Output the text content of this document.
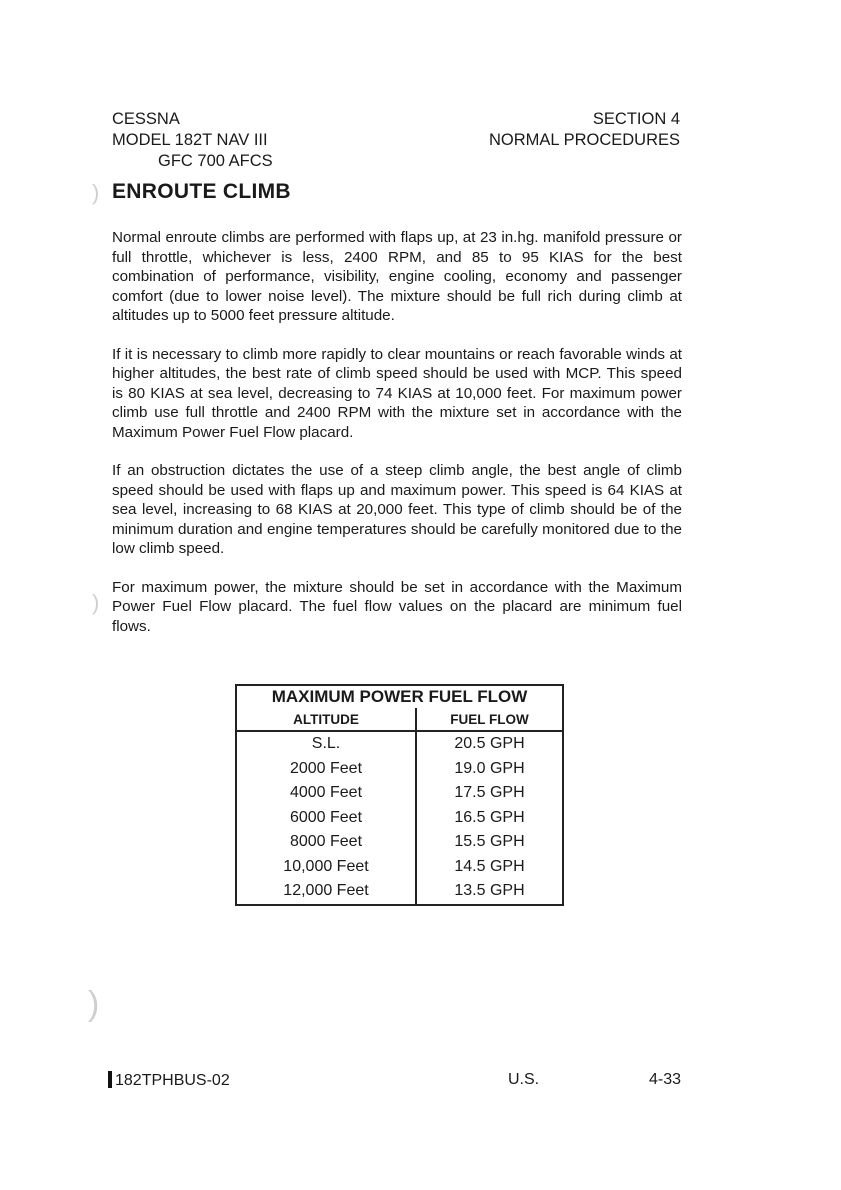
CESSNA
MODEL 182T NAV III
GFC 700 AFCS
SECTION 4
NORMAL PROCEDURES
)
)
)
ENROUTE CLIMB

Normal enroute climbs are performed with flaps up, at 23 in.hg. manifold pressure or full throttle, whichever is less, 2400 RPM, and 85 to 95 KIAS for the best combination of performance, visibility, engine cooling, economy and passenger comfort (due to lower noise level). The mixture should be full rich during climb at altitudes up to 5000 feet pressure altitude.

If it is necessary to climb more rapidly to clear mountains or reach favorable winds at higher altitudes, the best rate of climb speed should be used with MCP. This speed is 80 KIAS at sea level, decreasing to 74 KIAS at 10,000 feet. For maximum power climb use full throttle and 2400 RPM with the mixture set in accordance with the Maximum Power Fuel Flow placard.

If an obstruction dictates the use of a steep climb angle, the best angle of climb speed should be used with flaps up and maximum power. This speed is 64 KIAS at sea level, increasing to 68 KIAS at 20,000 feet. This type of climb should be of the minimum duration and engine temperatures should be carefully monitored due to the low climb speed.

For maximum power, the mixture should be set in accordance with the Maximum Power Fuel Flow placard. The fuel flow values on the placard are minimum fuel flows.

MAXIMUM POWER FUEL FLOW	
ALTITUDE	FUEL FLOW
S.L.	20.5 GPH
2000 Feet	19.0 GPH
4000 Feet	17.5 GPH
6000 Feet	16.5 GPH
8000 Feet	15.5 GPH
10,000 Feet	14.5 GPH
12,000 Feet	13.5 GPH
182TPHBUS-02	U.S.	4-33
